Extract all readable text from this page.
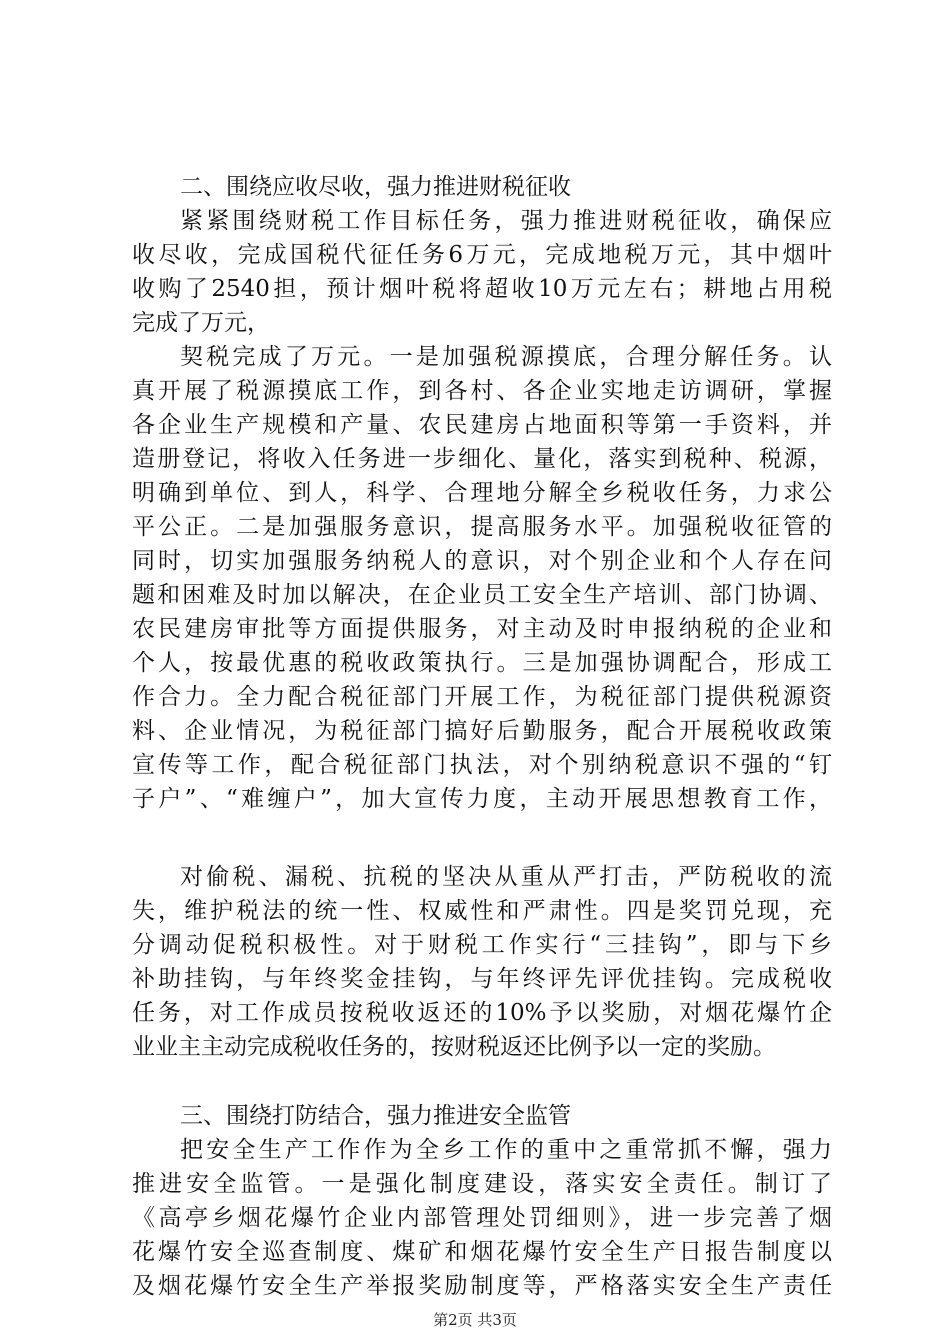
二、围绕应收尽收，强力推进财税征收
紧紧围绕财税工作目标任务，强力推进财税征收，确保应
收尽收，完成国税代征任务6万元，完成地税万元，其中烟叶
收购了2540担，预计烟叶税将超收10万元左右；耕地占用税
完成了万元，
契税完成了万元。一是加强税源摸底，合理分解任务。认
真开展了税源摸底工作，到各村、各企业实地走访调研，掌握
各企业生产规模和产量、农民建房占地面积等第一手资料，并
造册登记，将收入任务进一步细化、量化，落实到税种、税源，
明确到单位、到人，科学、合理地分解全乡税收任务，力求公
平公正。二是加强服务意识，提高服务水平。加强税收征管的
同时，切实加强服务纳税人的意识，对个别企业和个人存在问
题和困难及时加以解决，在企业员工安全生产培训、部门协调、
农民建房审批等方面提供服务，对主动及时申报纳税的企业和
个人，按最优惠的税收政策执行。三是加强协调配合，形成工
作合力。全力配合税征部门开展工作，为税征部门提供税源资
料、企业情况，为税征部门搞好后勤服务，配合开展税收政策
宣传等工作，配合税征部门执法，对个别纳税意识不强的“钉
子户”、“难缠户”，加大宣传力度，主动开展思想教育工作，
对偷税、漏税、抗税的坚决从重从严打击，严防税收的流
失，维护税法的统一性、权威性和严肃性。四是奖罚兑现，充
分调动促税积极性。对于财税工作实行“三挂钩”，即与下乡
补助挂钩，与年终奖金挂钩，与年终评先评优挂钩。完成税收
任务，对工作成员按税收返还的10%予以奖励，对烟花爆竹企
业业主主动完成税收任务的，按财税返还比例予以一定的奖励。
三、围绕打防结合，强力推进安全监管
把安全生产工作作为全乡工作的重中之重常抓不懈，强力
推进安全监管。一是强化制度建设，落实安全责任。制订了
《高亭乡烟花爆竹企业内部管理处罚细则》，进一步完善了烟
花爆竹安全巡查制度、煤矿和烟花爆竹安全生产日报告制度以
及烟花爆竹安全生产举报奖励制度等，严格落实安全生产责任
第2页 共3页
